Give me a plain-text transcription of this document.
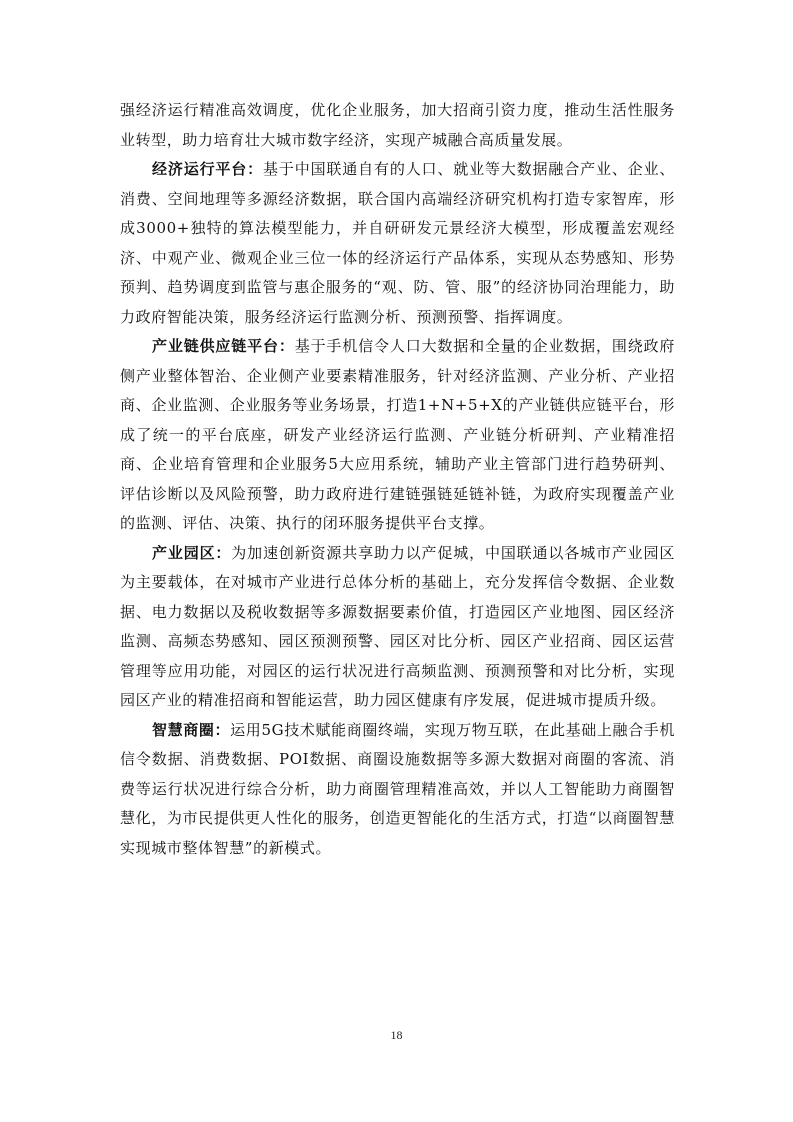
强经济运行精准高效调度，优化企业服务，加大招商引资力度，推动生活性服务业转型，助力培育壮大城市数字经济，实现产城融合高质量发展。

经济运行平台：基于中国联通自有的人口、就业等大数据融合产业、企业、消费、空间地理等多源经济数据，联合国内高端经济研究机构打造专家智库，形成3000+独特的算法模型能力，并自研研发元景经济大模型，形成覆盖宏观经济、中观产业、微观企业三位一体的经济运行产品体系，实现从态势感知、形势预判、趋势调度到监管与惠企服务的“观、防、管、服”的经济协同治理能力，助力政府智能决策，服务经济运行监测分析、预测预警、指挥调度。

产业链供应链平台：基于手机信令人口大数据和全量的企业数据，围绕政府侧产业整体智治、企业侧产业要素精准服务，针对经济监测、产业分析、产业招商、企业监测、企业服务等业务场景，打造1+N+5+X的产业链供应链平台，形成了统一的平台底座，研发产业经济运行监测、产业链分析研判、产业精准招商、企业培育管理和企业服务5大应用系统，辅助产业主管部门进行趋势研判、评估诊断以及风险预警，助力政府进行建链强链延链补链，为政府实现覆盖产业的监测、评估、决策、执行的闭环服务提供平台支撑。

产业园区：为加速创新资源共享助力以产促城，中国联通以各城市产业园区为主要载体，在对城市产业进行总体分析的基础上，充分发挥信令数据、企业数据、电力数据以及税收数据等多源数据要素价值，打造园区产业地图、园区经济监测、高频态势感知、园区预测预警、园区对比分析、园区产业招商、园区运营管理等应用功能，对园区的运行状况进行高频监测、预测预警和对比分析，实现园区产业的精准招商和智能运营，助力园区健康有序发展，促进城市提质升级。

智慧商圈：运用5G技术赋能商圈终端，实现万物互联，在此基础上融合手机信令数据、消费数据、POI数据、商圈设施数据等多源大数据对商圈的客流、消费等运行状况进行综合分析，助力商圈管理精准高效，并以人工智能助力商圈智慧化，为市民提供更人性化的服务，创造更智能化的生活方式，打造“以商圈智慧实现城市整体智慧”的新模式。

18
